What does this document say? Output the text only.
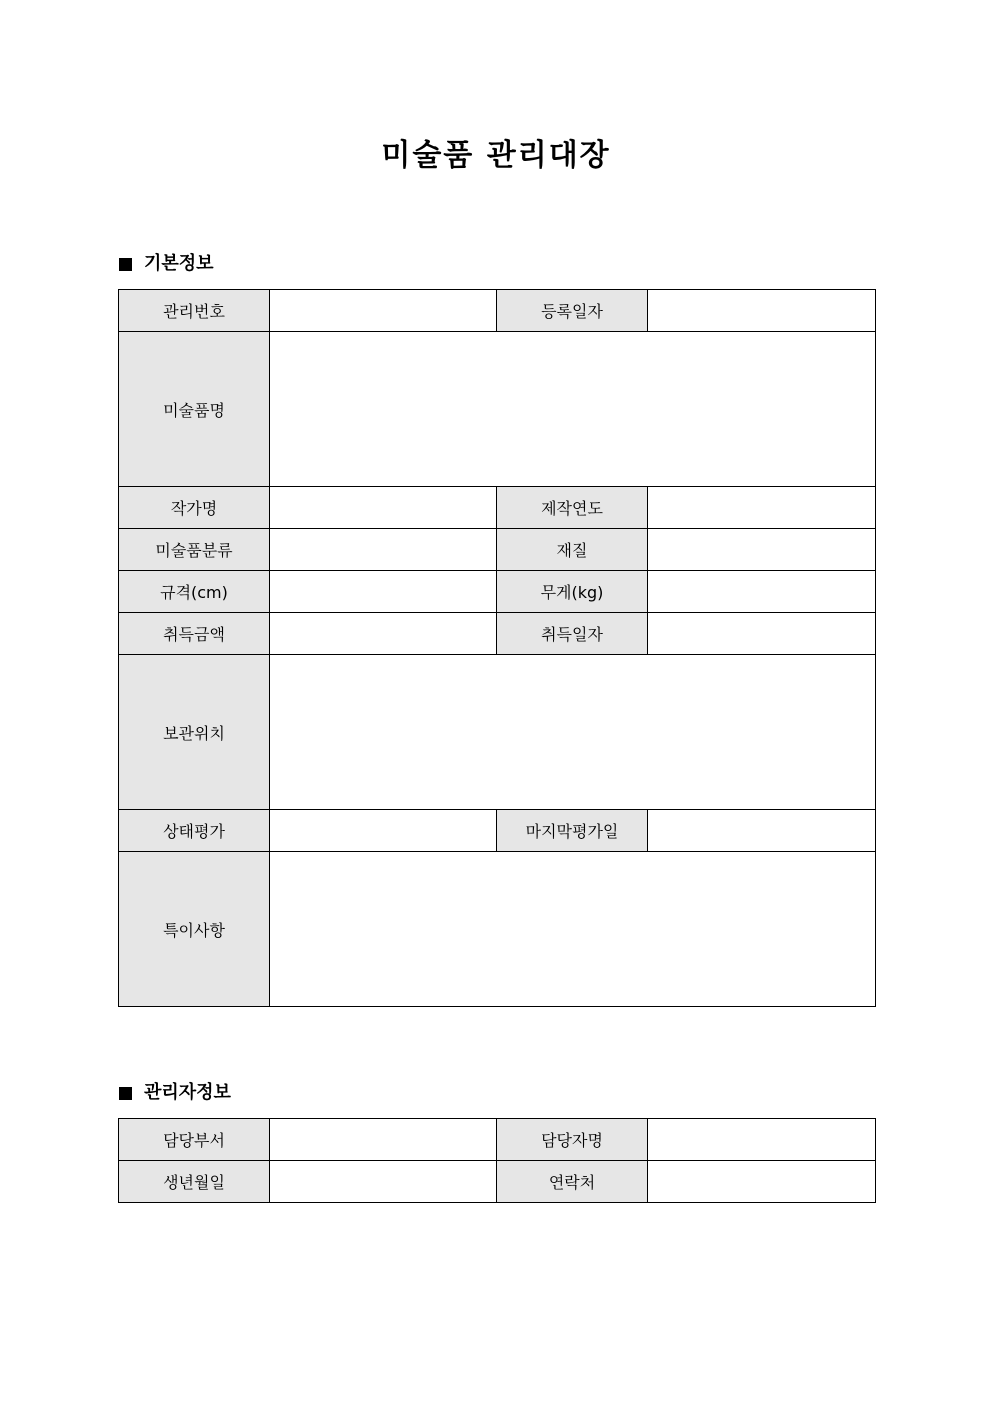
미술품 관리대장
기본정보
관리번호		등록일자	
미술품명			
작가명		제작연도	
미술품분류		재질	
규격(cm)		무게(kg)	
취득금액		취득일자	
보관위치			
상태평가		마지막평가일	
특이사항			
관리자정보
담당부서		담당자명	
생년월일		연락처	
